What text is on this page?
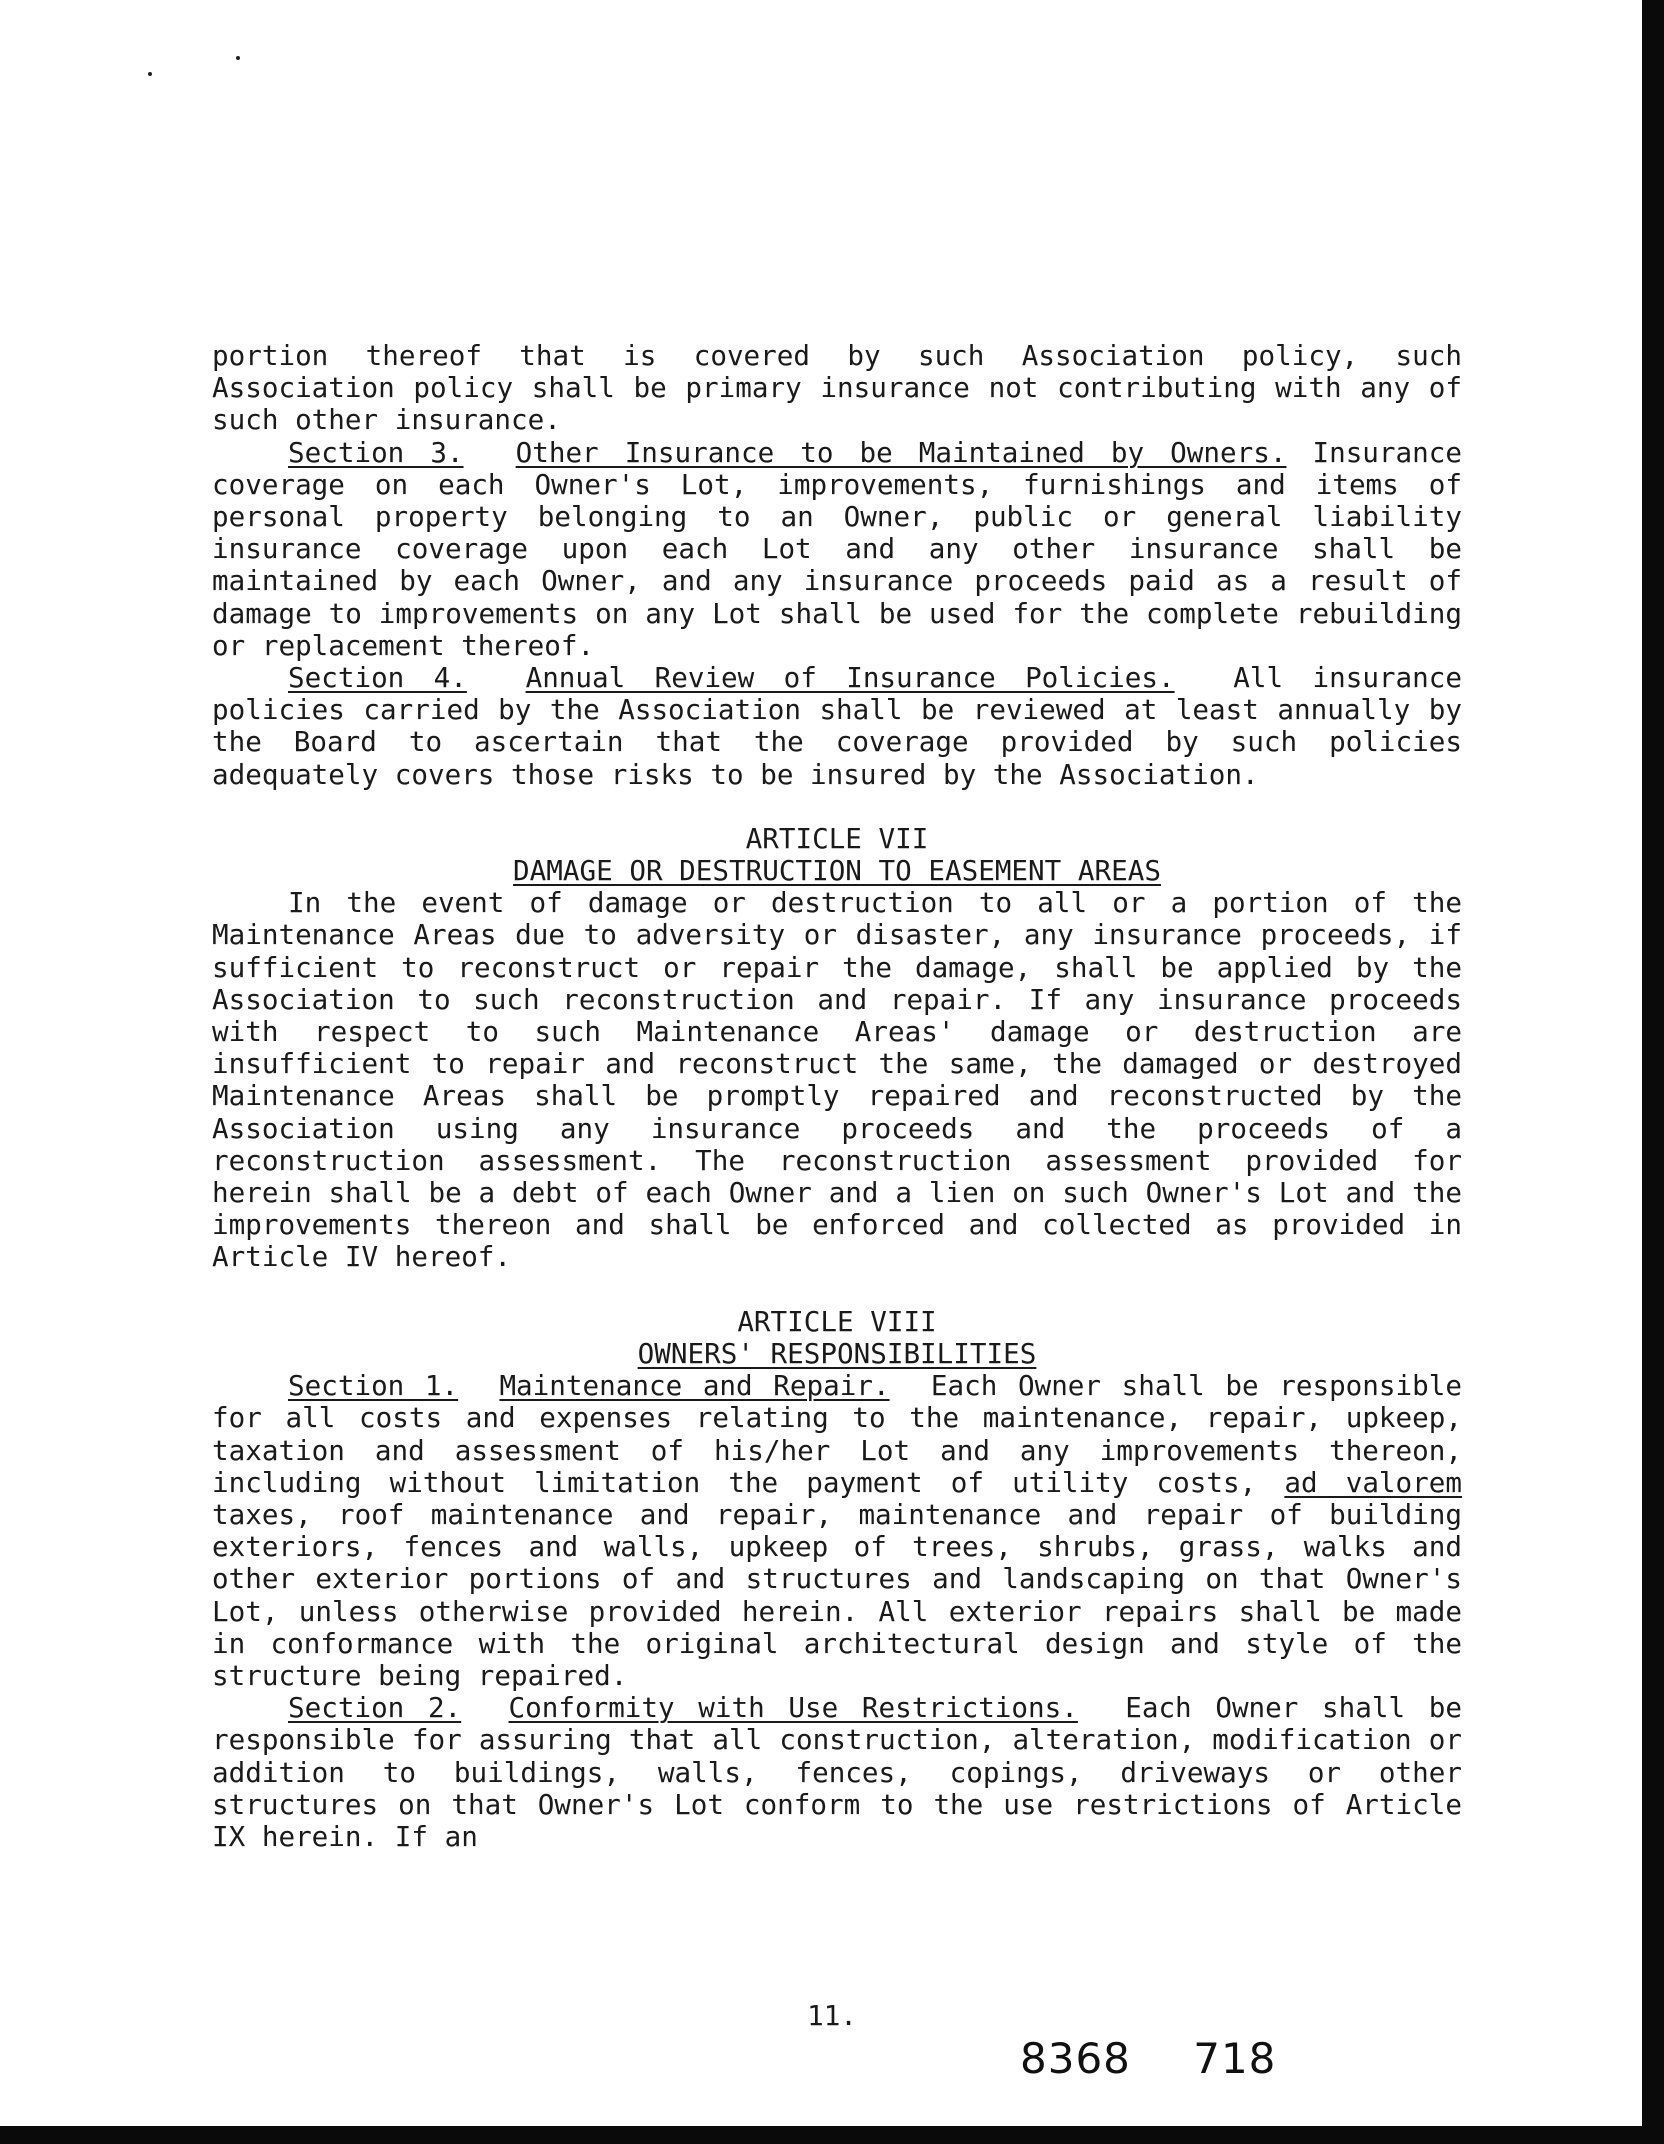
portion thereof that is covered by such Association policy, such Association policy shall be primary insurance not contributing with any of such other insurance.

Section 3. Other Insurance to be Maintained by Owners. Insurance coverage on each Owner's Lot, improvements, furnishings and items of personal property belonging to an Owner, public or general liability insurance coverage upon each Lot and any other insurance shall be maintained by each Owner, and any insurance proceeds paid as a result of damage to improvements on any Lot shall be used for the complete rebuilding or replacement thereof.

Section 4. Annual Review of Insurance Policies. All insurance policies carried by the Association shall be reviewed at least annually by the Board to ascertain that the coverage provided by such policies adequately covers those risks to be insured by the Association.

ARTICLE VII

DAMAGE OR DESTRUCTION TO EASEMENT AREAS

In the event of damage or destruction to all or a portion of the Maintenance Areas due to adversity or disaster, any insurance proceeds, if sufficient to reconstruct or repair the damage, shall be applied by the Association to such reconstruction and repair. If any insurance proceeds with respect to such Maintenance Areas' damage or destruction are insufficient to repair and reconstruct the same, the damaged or destroyed Maintenance Areas shall be promptly repaired and reconstructed by the Association using any insurance proceeds and the proceeds of a reconstruction assessment. The reconstruction assessment provided for herein shall be a debt of each Owner and a lien on such Owner's Lot and the improvements thereon and shall be enforced and collected as provided in Article IV hereof.

ARTICLE VIII

OWNERS' RESPONSIBILITIES

Section 1. Maintenance and Repair. Each Owner shall be responsible for all costs and expenses relating to the maintenance, repair, upkeep, taxation and assessment of his/her Lot and any improvements thereon, including without limitation the payment of utility costs, ad valorem taxes, roof maintenance and repair, maintenance and repair of building exteriors, fences and walls, upkeep of trees, shrubs, grass, walks and other exterior portions of and structures and landscaping on that Owner's Lot, unless otherwise provided herein. All exterior repairs shall be made in conformance with the original architectural design and style of the structure being repaired.

Section 2. Conformity with Use Restrictions. Each Owner shall be responsible for assuring that all construction, alteration, modification or addition to buildings, walls, fences, copings, driveways or other structures on that Owner's Lot conform to the use restrictions of Article IX herein. If an

11.
8368 718
